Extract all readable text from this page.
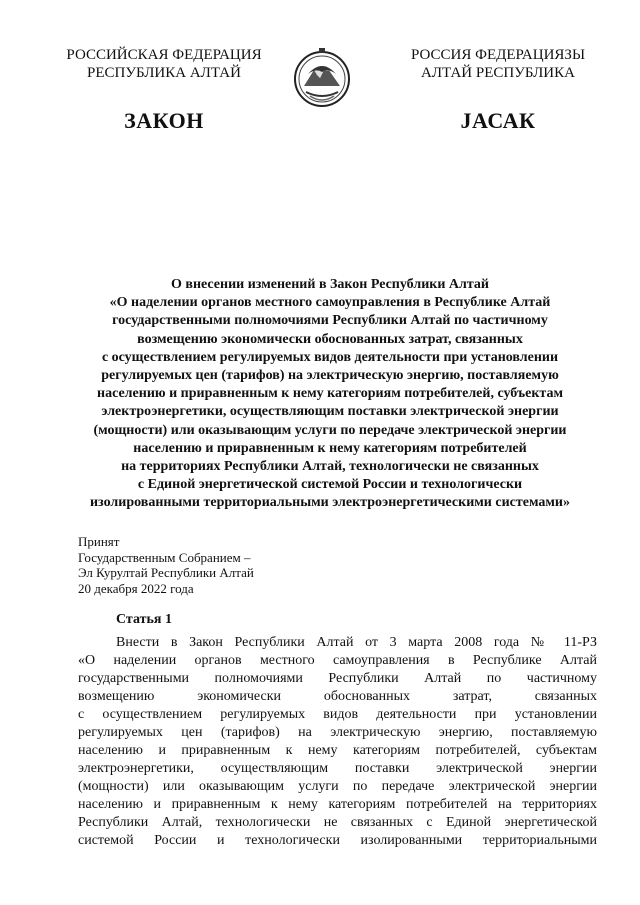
РОССИЙСКАЯ ФЕДЕРАЦИЯ
РЕСПУБЛИКА АЛТАЙ
РОССИЯ ФЕДЕРАЦИЯЗЫ
АЛТАЙ РЕСПУБЛИКА
ЗАКОН	JАСАК
О внесении изменений в Закон Республики Алтай
«О наделении органов местного самоуправления в Республике Алтай
государственными полномочиями Республики Алтай по частичному
возмещению экономически обоснованных затрат, связанных
с осуществлением регулируемых видов деятельности при установлении
регулируемых цен (тарифов) на электрическую энергию, поставляемую
населению и приравненным к нему категориям потребителей, субъектам
электроэнергетики, осуществляющим поставки электрической энергии
(мощности) или оказывающим услуги по передаче электрической энергии
населению и приравненным к нему категориям потребителей
на территориях Республики Алтай, технологически не связанных
с Единой энергетической системой России и технологически
изолированными территориальными электроэнергетическими системами»
Принят
Государственным Собранием –
Эл Курултай Республики Алтай
20 декабря 2022 года
Статья 1
Внести в Закон Республики Алтай от 3 марта 2008 года № 11-РЗ
«О наделении органов местного самоуправления в Республике Алтай
государственными полномочиями Республики Алтай по частичному
возмещению экономически обоснованных затрат, связанных
с осуществлением регулируемых видов деятельности при установлении
регулируемых цен (тарифов) на электрическую энергию, поставляемую
населению и приравненным к нему категориям потребителей, субъектам
электроэнергетики, осуществляющим поставки электрической энергии
(мощности) или оказывающим услуги по передаче электрической энергии
населению и приравненным к нему категориям потребителей на территориях
Республики Алтай, технологически не связанных с Единой энергетической
системой России и технологически изолированными территориальными
